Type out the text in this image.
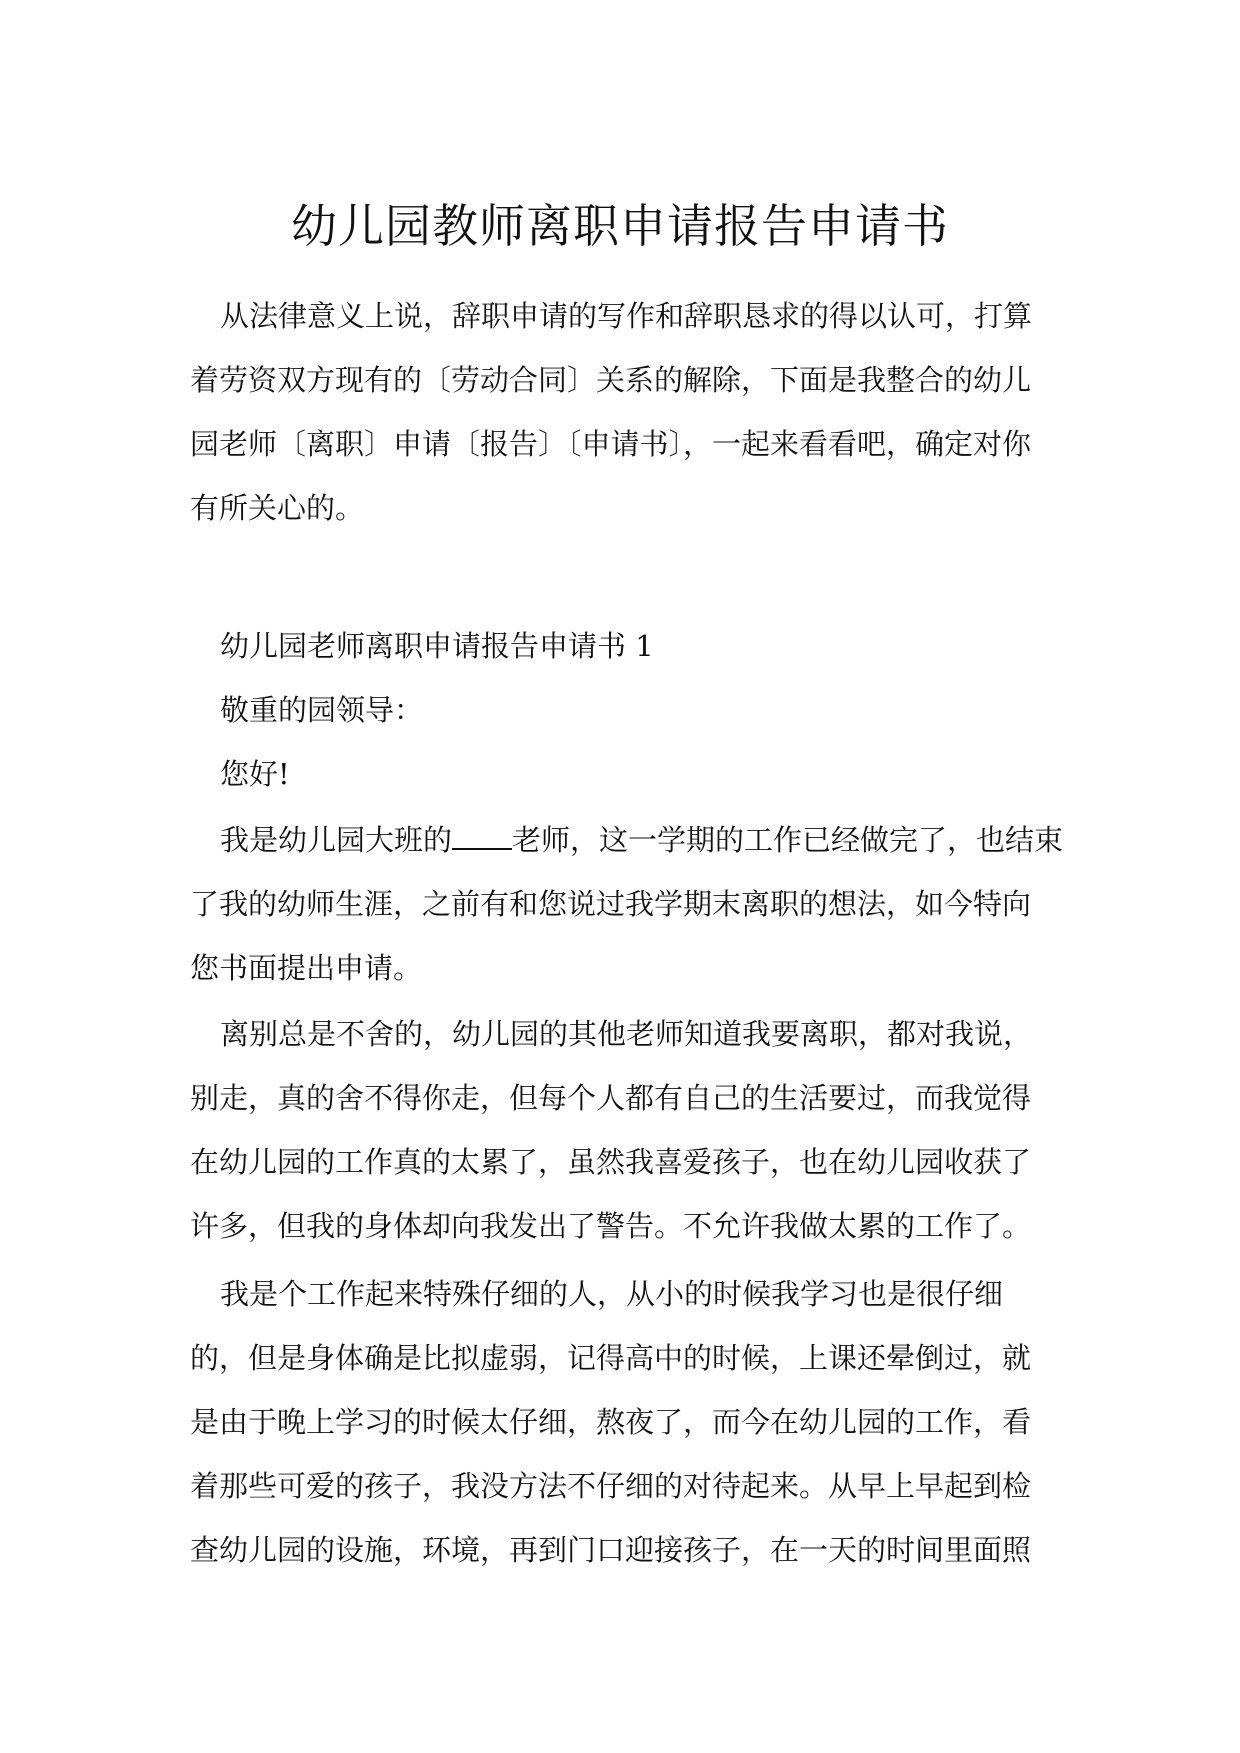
幼儿园教师离职申请报告申请书
从法律意义上说，辞职申请的写作和辞职恳求的得以认可，打算
着劳资双方现有的〔劳动合同〕关系的解除，下面是我整合的幼儿
园老师〔离职〕申请〔报告〕〔申请书〕，一起来看看吧，确定对你
有所关心的。
幼儿园老师离职申请报告申请书 1
敬重的园领导：
您好!
我是幼儿园大班的 老师，这一学期的工作已经做完了，也结束
了我的幼师生涯，之前有和您说过我学期末离职的想法，如今特向
您书面提出申请。
离别总是不舍的，幼儿园的其他老师知道我要离职，都对我说，
别走，真的舍不得你走，但每个人都有自己的生活要过，而我觉得
在幼儿园的工作真的太累了，虽然我喜爱孩子，也在幼儿园收获了
许多，但我的身体却向我发出了警告。不允许我做太累的工作了。
我是个工作起来特殊仔细的人，从小的时候我学习也是很仔细
的，但是身体确是比拟虚弱，记得高中的时候，上课还晕倒过，就
是由于晚上学习的时候太仔细，熬夜了，而今在幼儿园的工作，看
着那些可爱的孩子，我没方法不仔细的对待起来。从早上早起到检
查幼儿园的设施，环境，再到门口迎接孩子，在一天的时间里面照
